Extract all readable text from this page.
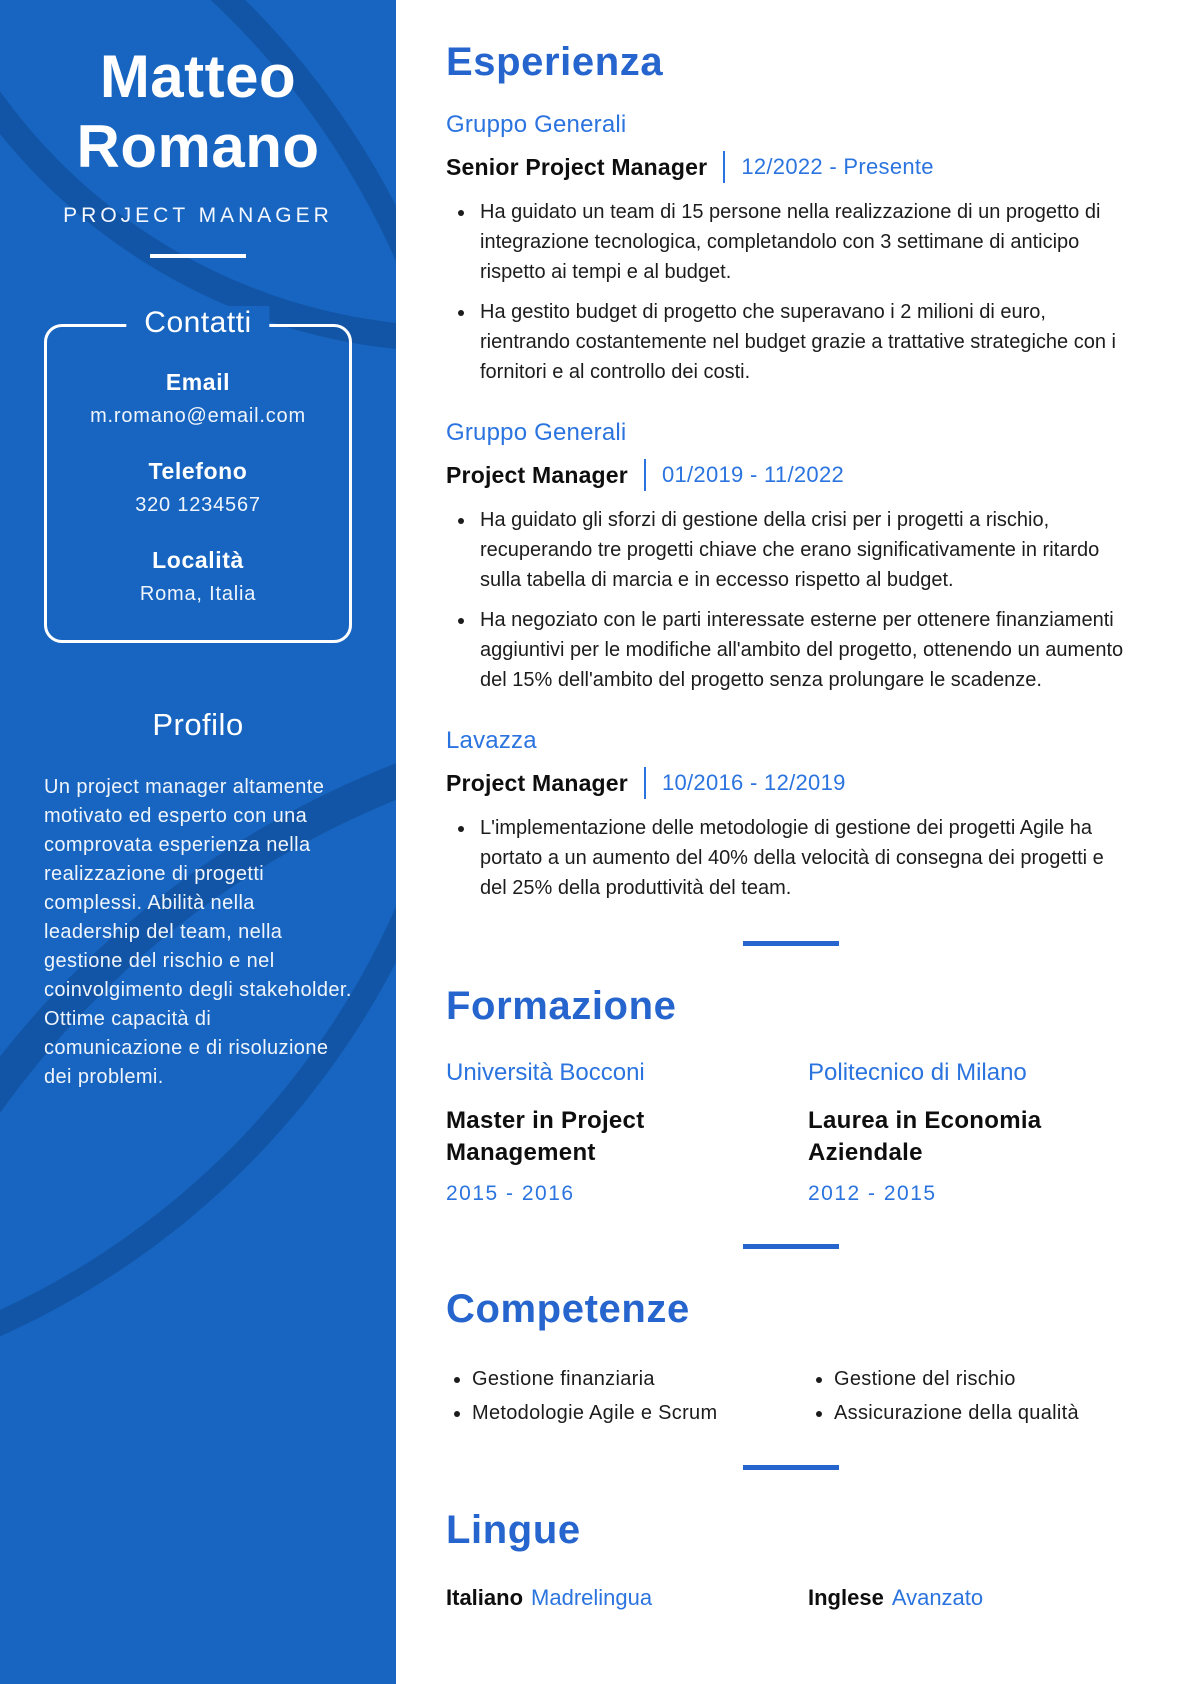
Matteo
Romano
PROJECT MANAGER
Contatti
Email
m.romano@email.com
Telefono
320 1234567
Località
Roma, Italia
Profilo

Un project manager altamente motivato ed esperto con una comprovata esperienza nella realizzazione di progetti complessi. Abilità nella leadership del team, nella gestione del rischio e nel coinvolgimento degli stakeholder. Ottime capacità di comunicazione e di risoluzione dei problemi.

Esperienza
Gruppo Generali
Senior Project Manager 12/2022 - Presente
• Ha guidato un team di 15 persone nella realizzazione di un progetto di integrazione tecnologica, completandolo con 3 settimane di anticipo rispetto ai tempi e al budget.
• Ha gestito budget di progetto che superavano i 2 milioni di euro, rientrando costantemente nel budget grazie a trattative strategiche con i fornitori e al controllo dei costi.
Gruppo Generali
Project Manager 01/2019 - 11/2022
• Ha guidato gli sforzi di gestione della crisi per i progetti a rischio, recuperando tre progetti chiave che erano significativamente in ritardo sulla tabella di marcia e in eccesso rispetto al budget.
• Ha negoziato con le parti interessate esterne per ottenere finanziamenti aggiuntivi per le modifiche all'ambito del progetto, ottenendo un aumento del 15% dell'ambito del progetto senza prolungare le scadenze.
Lavazza
Project Manager 10/2016 - 12/2019
• L'implementazione delle metodologie di gestione dei progetti Agile ha portato a un aumento del 40% della velocità di consegna dei progetti e del 25% della produttività del team.
Formazione
Università Bocconi
Master in Project Management
2015 - 2016
Politecnico di Milano
Laurea in Economia Aziendale
2012 - 2015
Competenze
• Gestione finanziaria
• Metodologie Agile e Scrum
• Gestione del rischio
• Assicurazione della qualità
Lingue
Italiano Madrelingua	Inglese Avanzato
